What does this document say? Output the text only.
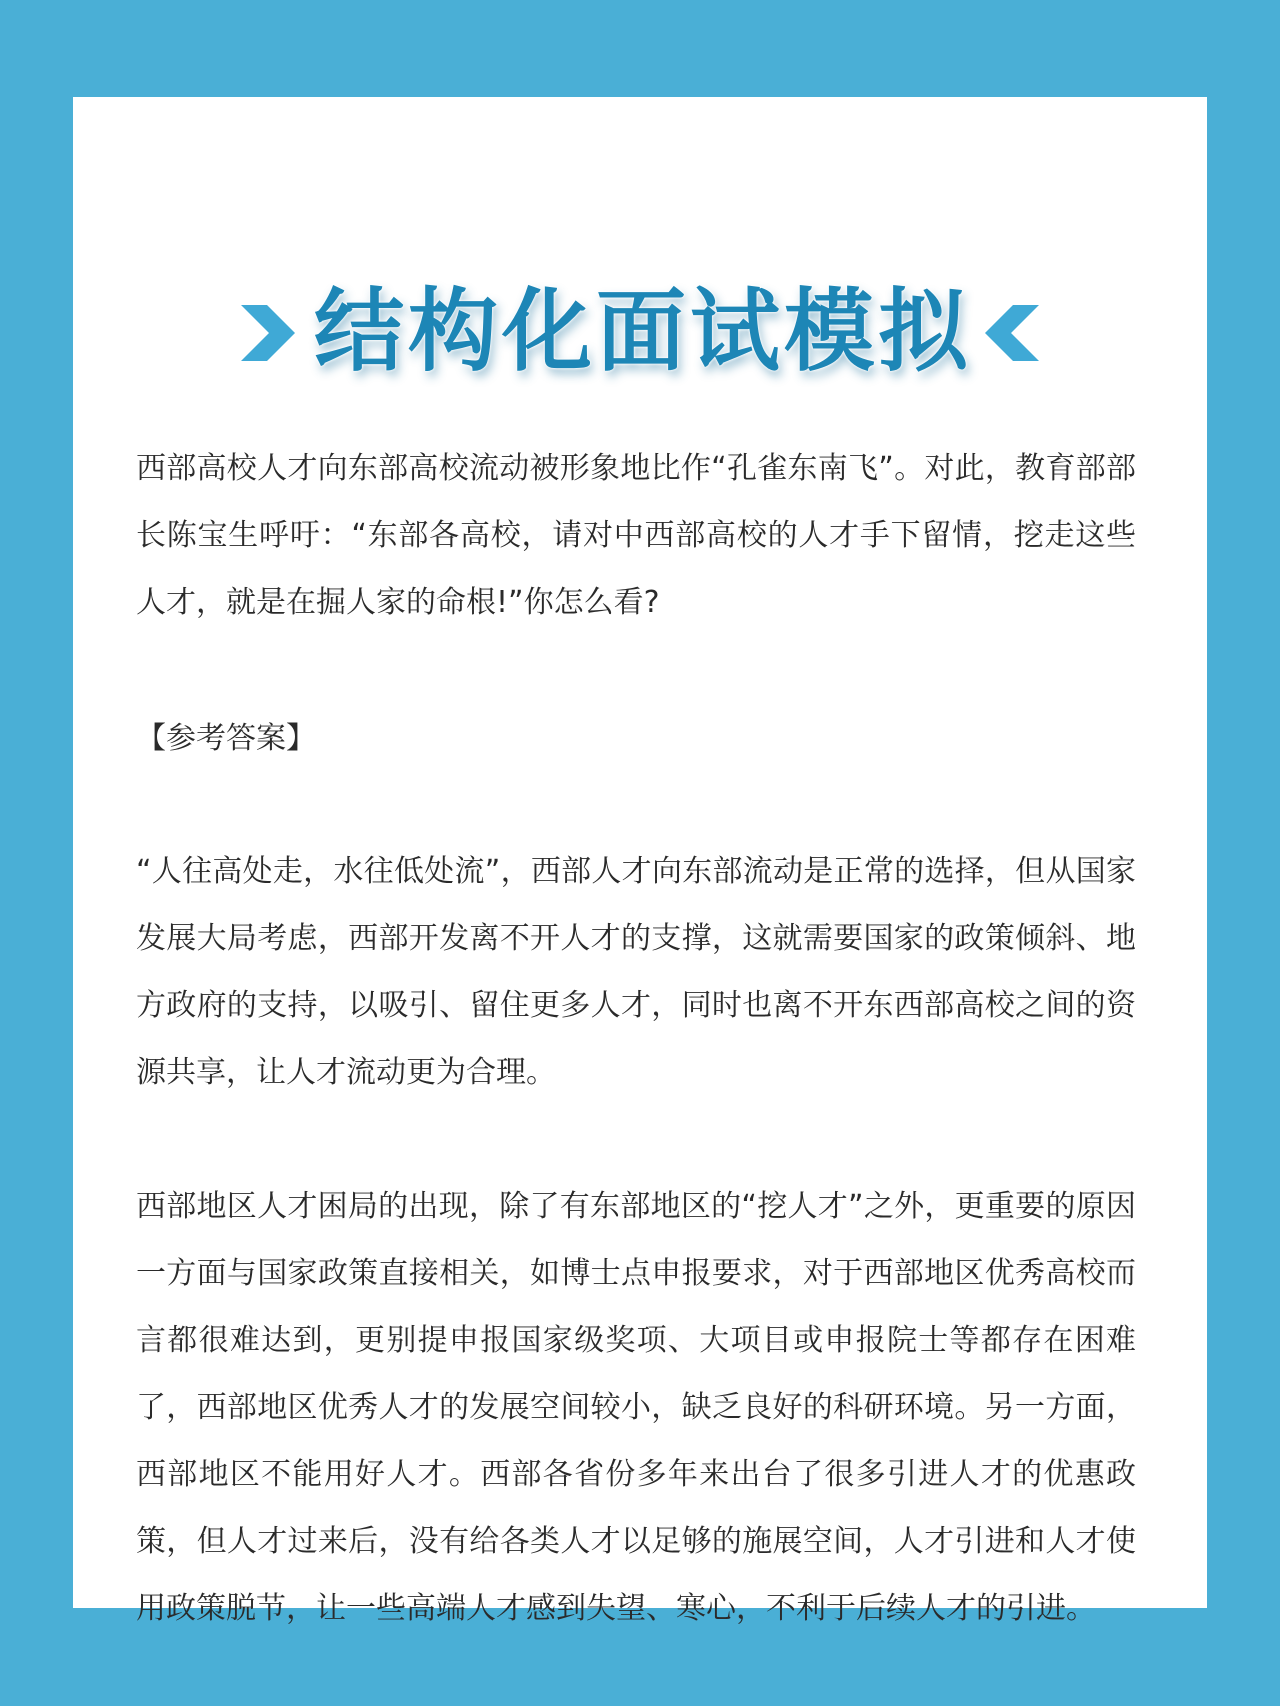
结构化面试模拟

西部高校人才向东部高校流动被形象地比作“孔雀东南飞”。对此，教育部部长陈宝生呼吁：“东部各高校，请对中西部高校的人才手下留情，挖走这些人才，就是在掘人家的命根!”你怎么看?

【参考答案】

“人往高处走，水往低处流”，西部人才向东部流动是正常的选择，但从国家发展大局考虑，西部开发离不开人才的支撑，这就需要国家的政策倾斜、地方政府的支持，以吸引、留住更多人才，同时也离不开东西部高校之间的资源共享，让人才流动更为合理。

西部地区人才困局的出现，除了有东部地区的“挖人才”之外，更重要的原因一方面与国家政策直接相关，如博士点申报要求，对于西部地区优秀高校而言都很难达到，更别提申报国家级奖项、大项目或申报院士等都存在困难了，西部地区优秀人才的发展空间较小，缺乏良好的科研环境。另一方面，西部地区不能用好人才。西部各省份多年来出台了很多引进人才的优惠政策，但人才过来后，没有给各类人才以足够的施展空间，人才引进和人才使用政策脱节，让一些高端人才感到失望、寒心，不利于后续人才的引进。
